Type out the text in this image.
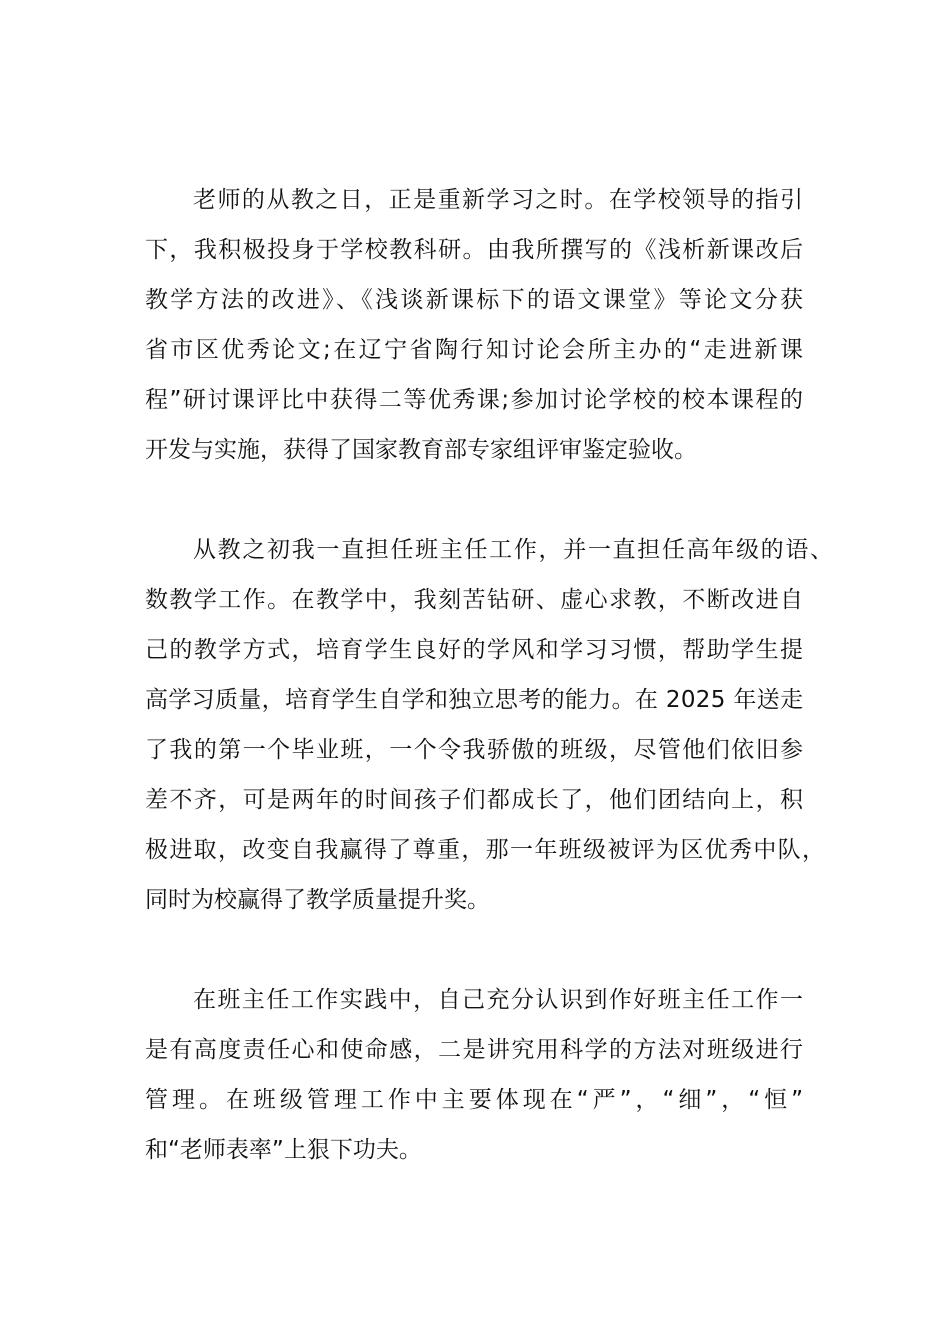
老师的从教之日，正是重新学习之时。在学校领导的指引
下，我积极投身于学校教科研。由我所撰写的《浅析新课改后
教学方法的改进》、《浅谈新课标下的语文课堂》等论文分获
省市区优秀论文;在辽宁省陶行知讨论会所主办的“走进新课
程”研讨课评比中获得二等优秀课;参加讨论学校的校本课程的
开发与实施，获得了国家教育部专家组评审鉴定验收。
从教之初我一直担任班主任工作，并一直担任高年级的语、
数教学工作。在教学中，我刻苦钻研、虚心求教，不断改进自
己的教学方式，培育学生良好的学风和学习习惯，帮助学生提
高学习质量，培育学生自学和独立思考的能力。在 2025 年送走
了我的第一个毕业班，一个令我骄傲的班级，尽管他们依旧参
差不齐，可是两年的时间孩子们都成长了，他们团结向上，积
极进取，改变自我赢得了尊重，那一年班级被评为区优秀中队，
同时为校赢得了教学质量提升奖。
在班主任工作实践中，自己充分认识到作好班主任工作一
是有高度责任心和使命感，二是讲究用科学的方法对班级进行
管理。在班级管理工作中主要体现在“严”，“细”，“恒”
和“老师表率”上狠下功夫。
